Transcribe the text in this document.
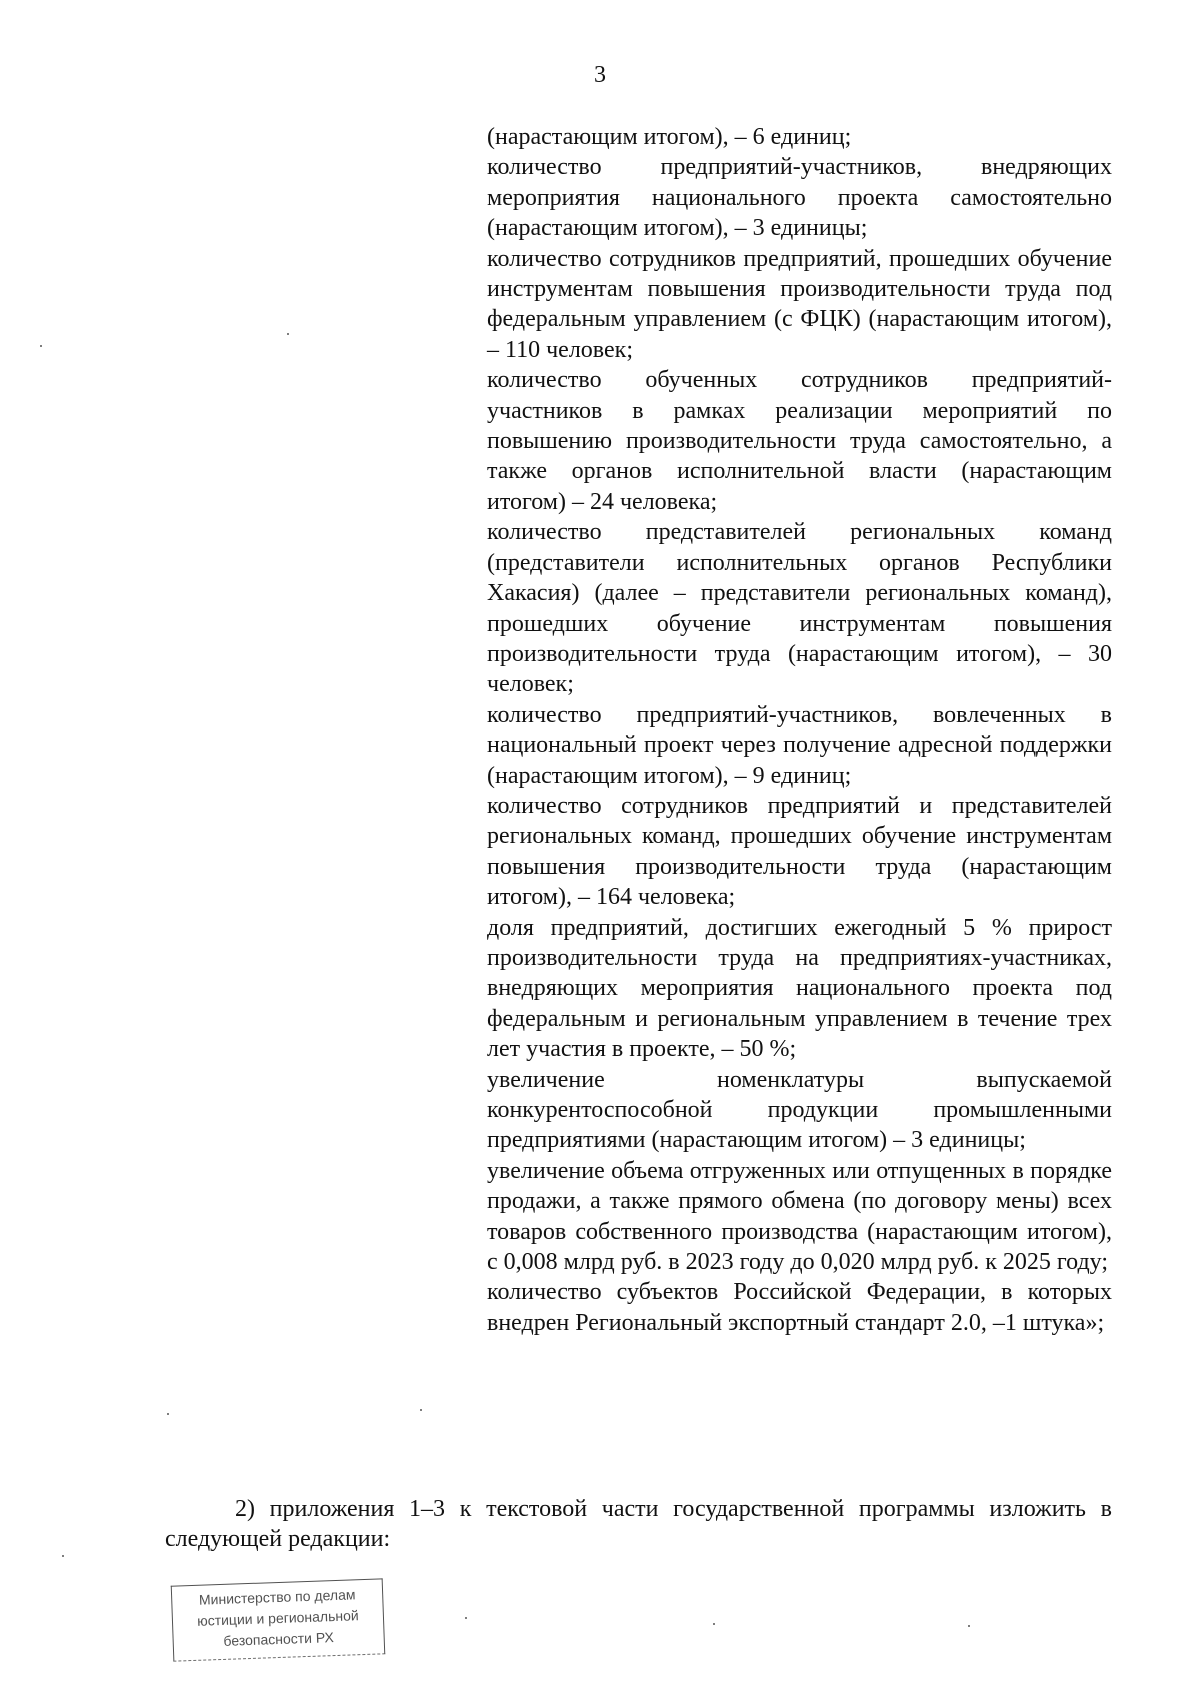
3

(нарастающим итогом), – 6 единиц;

количество предприятий-участников, внедряющих мероприятия национального проекта самостоятельно (нарастающим итогом), – 3 единицы;

количество сотрудников предприятий, прошедших обучение инструментам повышения производительности труда под федеральным управлением (с ФЦК) (нарастающим итогом), – 110 человек;

количество обученных сотрудников предприятий-участников в рамках реализации мероприятий по повышению производительности труда самостоятельно, а также органов исполнительной власти (нарастающим итогом) – 24 человека;

количество представителей региональных команд (представители исполнительных органов Республики Хакасия) (далее – представители региональных команд), прошедших обучение инструментам повышения производительности труда (нарастающим итогом), – 30 человек;

количество предприятий-участников, вовлеченных в национальный проект через получение адресной поддержки (нарастающим итогом), – 9 единиц;

количество сотрудников предприятий и представителей региональных команд, прошедших обучение инструментам повышения производительности труда (нарастающим итогом), – 164 человека;

доля предприятий, достигших ежегодный 5 % прирост производительности труда на предприятиях-участниках, внедряющих мероприятия национального проекта под федеральным и региональным управлением в течение трех лет участия в проекте, – 50 %;

увеличение номенклатуры выпускаемой конкурентоспособной продукции промышленными предприятиями (нарастающим итогом) – 3 единицы;

увеличение объема отгруженных или отпущенных в порядке продажи, а также прямого обмена (по договору мены) всех товаров собственного производства (нарастающим итогом), с 0,008 млрд руб. в 2023 году до 0,020 млрд руб. к 2025 году;

количество субъектов Российской Федерации, в которых внедрен Региональный экспортный стандарт 2.0, –1 штука»;

2) приложения 1–3 к текстовой части государственной программы изложить в следующей редакции:

Министерство по делам
юстиции и региональной
безопасности РХ
